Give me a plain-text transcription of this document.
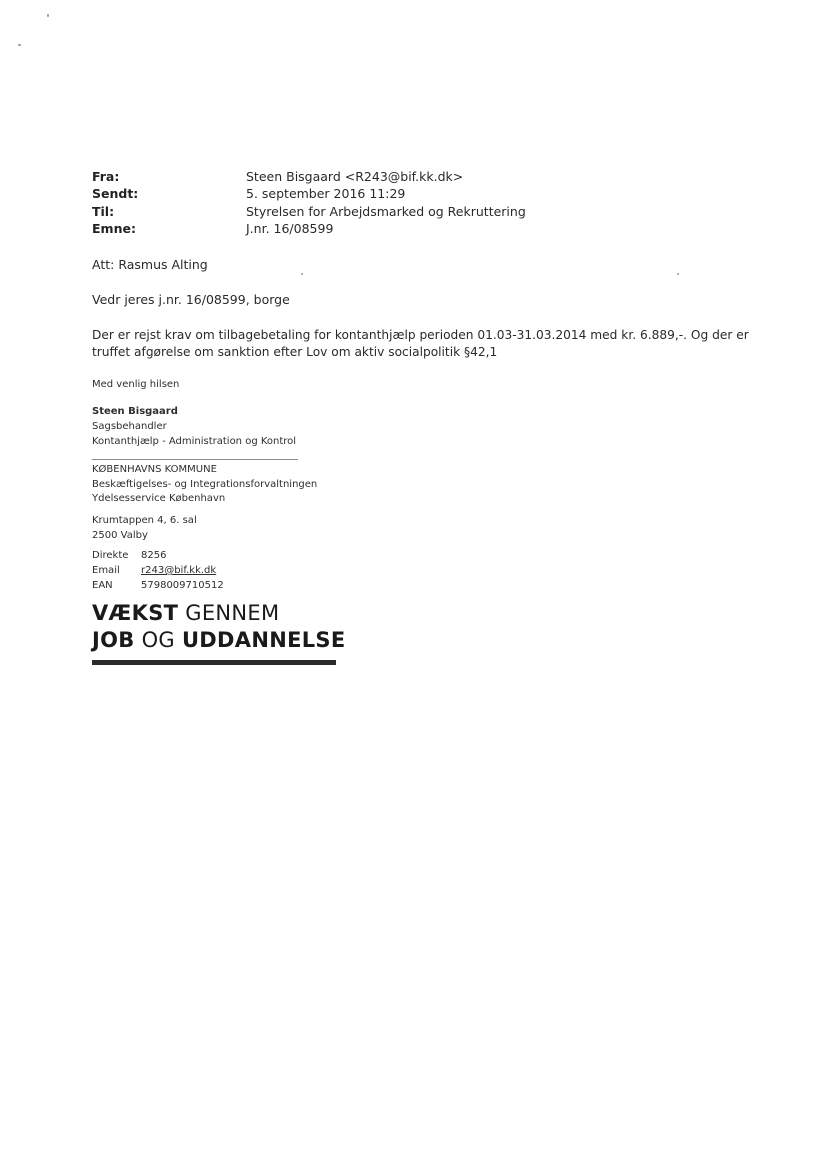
Fra:	Steen Bisgaard <R243@bif.kk.dk>
Sendt:	5. september 2016 11:29
Til:	Styrelsen for Arbejdsmarked og Rekruttering
Emne:	J.nr. 16/08599
Att: Rasmus Alting
Vedr jeres j.nr. 16/08599, borgе
Der er rejst krav om tilbagebetaling for kontanthjælp perioden 01.03-31.03.2014 med kr. 6.889,-. Og der er
truffet afgørelse om sanktion efter Lov om aktiv socialpolitik §42,1
Med venlig hilsen
Steen Bisgaard
Sagsbehandler
Kontanthjælp - Administration og Kontrol
KØBENHAVNS KOMMUNE
Beskæftigelses- og Integrationsforvaltningen
Ydelsesservice København
Krumtappen 4, 6. sal
2500 Valby
Direkte 8256
Email r243@bif.kk.dk
EAN	5798009710512
VÆKST GENNEM
JOB OG UDDANNELSE
